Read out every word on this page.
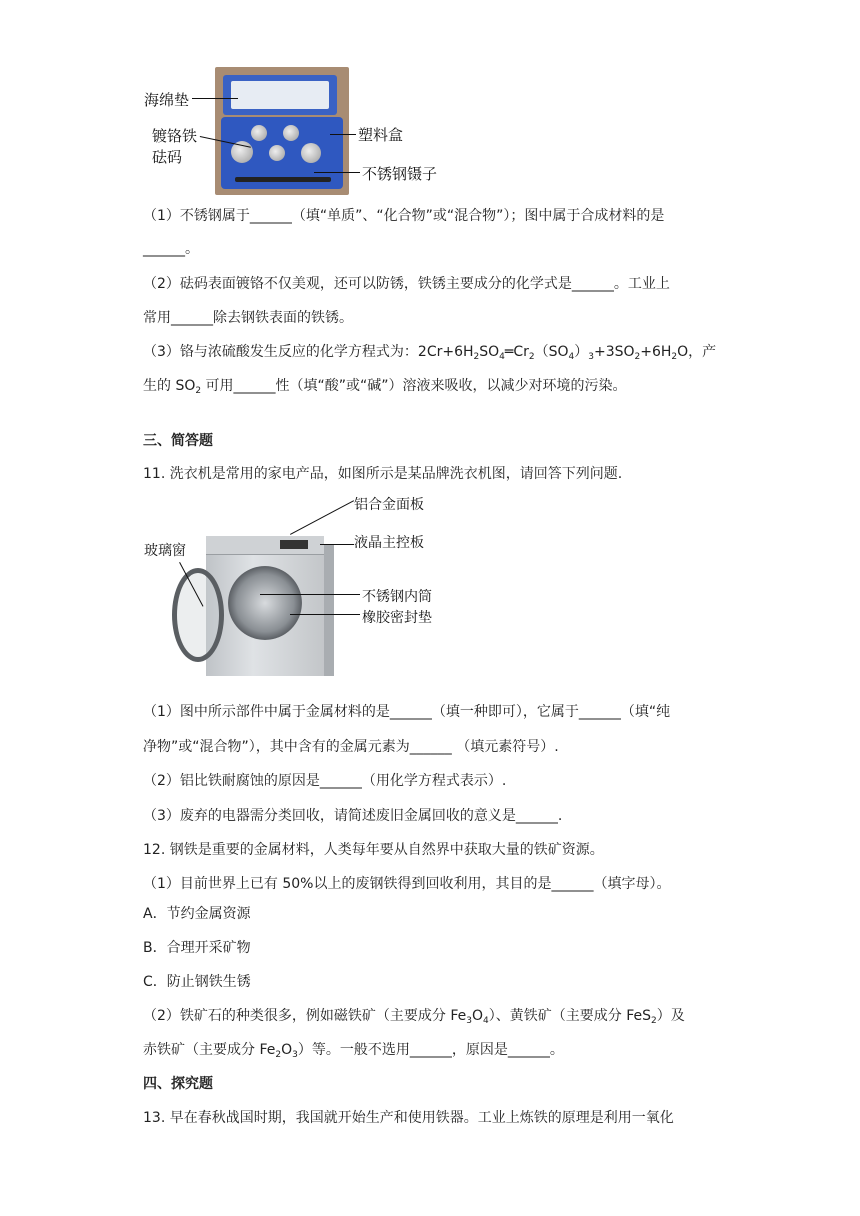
海绵垫
镀铬铁
砝码
塑料盒
不锈钢镊子
（1）不锈钢属于______（填“单质”、“化合物”或“混合物”）；图中属于合成材料的是
______。
（2）砝码表面镀铬不仅美观，还可以防锈，铁锈主要成分的化学式是______。工业上
常用______除去钢铁表面的铁锈。
（3）铬与浓硫酸发生反应的化学方程式为：$2Cr+6H_2SO_4═Cr_2(SO_4)_3+3SO_2+6H_2O$，产
生的 $SO_2$ 可用______性（填“酸”或“碱”）溶液来吸收，以减少对环境的污染。
三、简答题
11. 洗衣机是常用的家电产品，如图所示是某品牌洗衣机图，请回答下列问题.
铝合金面板
液晶主控板
玻璃窗
不锈钢内筒
橡胶密封垫
（1）图中所示部件中属于金属材料的是______（填一种即可），它属于______（填“纯
净物”或“混合物”），其中含有的金属元素为______ （填元素符号）.
（2）铝比铁耐腐蚀的原因是______（用化学方程式表示）.
（3）废弃的电器需分类回收，请简述废旧金属回收的意义是______.
12. 钢铁是重要的金属材料，人类每年要从自然界中获取大量的铁矿资源。
（1）目前世界上已有 50%以上的废钢铁得到回收利用，其目的是______（填字母）。
A．节约金属资源
B．合理开采矿物
C．防止钢铁生锈
（2）铁矿石的种类很多，例如磁铁矿（主要成分 $Fe_3O_4$）、黄铁矿（主要成分 FeS$_2$）及
赤铁矿（主要成分 $Fe_2O_3$）等。一般不选用______，原因是______。
四、探究题
13. 早在春秋战国时期，我国就开始生产和使用铁器。工业上炼铁的原理是利用一氧化
